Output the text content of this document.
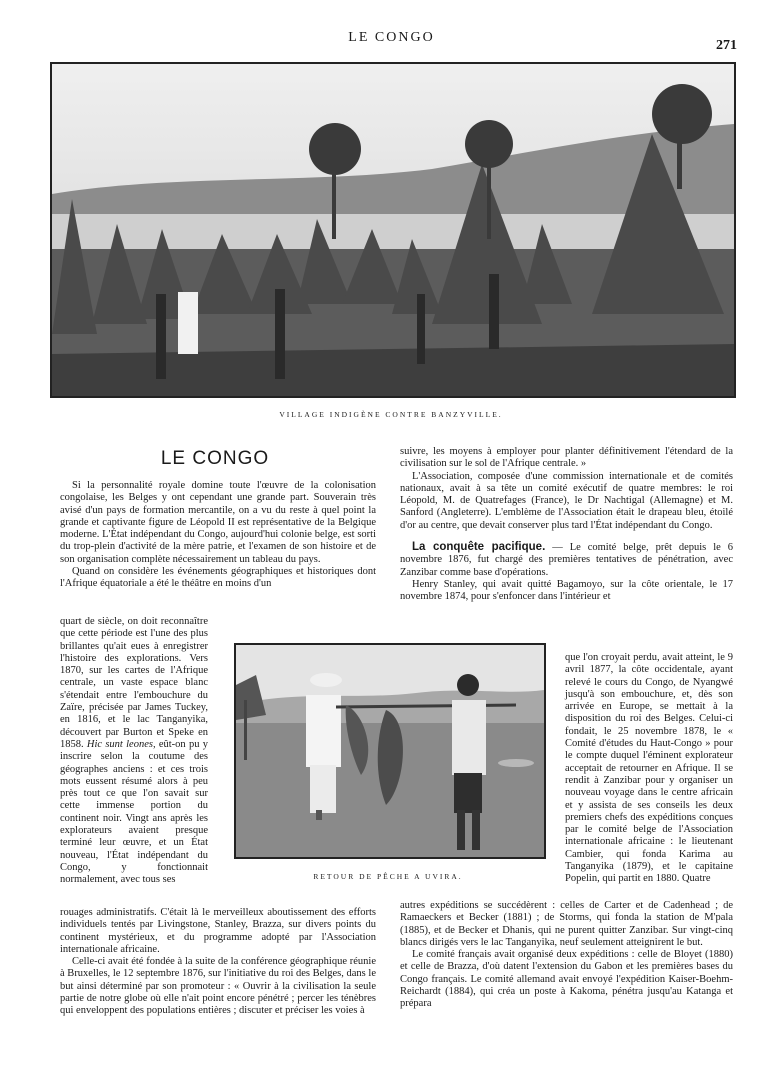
LE CONGO
271
VILLAGE INDIGÈNE CONTRE BANZYVILLE.
LE CONGO

Si la personnalité royale domine toute l'œuvre de la colonisation congolaise, les Belges y ont cependant une grande part. Souverain très avisé d'un pays de formation mercantile, on a vu du reste à quel point la grande et captivante figure de Léopold II est représentative de la Belgique moderne. L'État indépendant du Congo, aujourd'hui colonie belge, est sorti du trop-plein d'activité de la mère patrie, et l'examen de son histoire et de son organisation complète nécessairement un tableau du pays.

Quand on considère les événements géographiques et historiques dont l'Afrique équatoriale a été le théâtre en moins d'un

quart de siècle, on doit reconnaître que cette période est l'une des plus brillantes qu'ait eues à enregistrer l'histoire des explorations. Vers 1870, sur les cartes de l'Afrique centrale, un vaste espace blanc s'étendait entre l'embouchure du Zaïre, précisée par James Tuckey, en 1816, et le lac Tanganyika, découvert par Burton et Speke en 1858. Hic sunt leones, eût-on pu y inscrire selon la coutume des géographes anciens : et ces trois mots eussent résumé alors à peu près tout ce que l'on savait sur cette immense portion du continent noir. Vingt ans après les explorateurs avaient presque terminé leur œuvre, et un État nouveau, l'État indépendant du Congo, y fonctionnait normalement, avec tous ses

rouages administratifs. C'était là le merveilleux aboutissement des efforts individuels tentés par Livingstone, Stanley, Brazza, sur divers points du continent mystérieux, et du programme adopté par l'Association internationale africaine.

Celle-ci avait été fondée à la suite de la conférence géographique réunie à Bruxelles, le 12 septembre 1876, sur l'initiative du roi des Belges, dans le but ainsi déterminé par son promoteur : « Ouvrir à la civilisation la seule partie de notre globe où elle n'ait point encore pénétré ; percer les ténèbres qui enveloppent des populations entières ; discuter et préciser les voies à

RETOUR DE PÊCHE A UVIRA.

suivre, les moyens à employer pour planter définitivement l'étendard de la civilisation sur le sol de l'Afrique centrale. »

L'Association, composée d'une commission internationale et de comités nationaux, avait à sa tête un comité exécutif de quatre membres: le roi Léopold, M. de Quatrefages (France), le Dr Nachtigal (Allemagne) et M. Sanford (Angleterre). L'emblème de l'Association était le drapeau bleu, étoilé d'or au centre, que devait conserver plus tard l'État indépendant du Congo.

La conquête pacifique. — Le comité belge, prêt depuis le 6 novembre 1876, fut chargé des premières tentatives de pénétration, avec Zanzibar comme base d'opérations.

Henry Stanley, qui avait quitté Bagamoyo, sur la côte orientale, le 17 novembre 1874, pour s'enfoncer dans l'intérieur et

que l'on croyait perdu, avait atteint, le 9 avril 1877, la côte occidentale, ayant relevé le cours du Congo, de Nyangwé jusqu'à son embouchure, et, dès son arrivée en Europe, se mettait à la disposition du roi des Belges. Celui-ci fondait, le 25 novembre 1878, le « Comité d'études du Haut-Congo » pour le compte duquel l'éminent explorateur acceptait de retourner en Afrique. Il se rendit à Zanzibar pour y organiser un nouveau voyage dans le centre africain et y assista de ses conseils les deux premiers chefs des expéditions conçues par le comité belge de l'Association internationale africaine : le lieutenant Cambier, qui fonda Karima au Tanganyika (1879), et le capitaine Popelin, qui partit en 1880. Quatre

autres expéditions se succédèrent : celles de Carter et de Cadenhead ; de Ramaeckers et Becker (1881) ; de Storms, qui fonda la station de M'pala (1885), et de Becker et Dhanis, qui ne purent quitter Zanzibar. Sur vingt-cinq blancs dirigés vers le lac Tanganyika, neuf seulement atteignirent le but.

Le comité français avait organisé deux expéditions : celle de Bloyet (1880) et celle de Brazza, d'où datent l'extension du Gabon et les premières bases du Congo français. Le comité allemand avait envoyé l'expédition Kaiser-Boehm-Reichardt (1884), qui créa un poste à Kakoma, pénétra jusqu'au Katanga et prépara
